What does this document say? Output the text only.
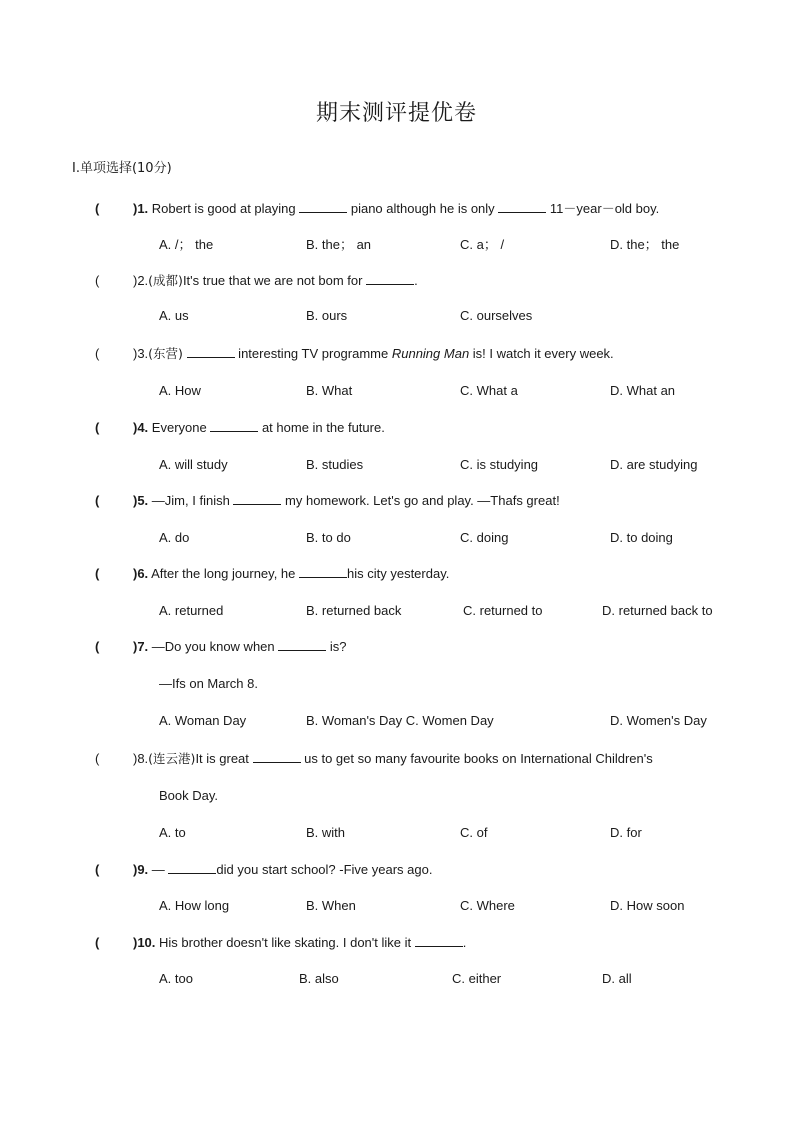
期末测评提优卷
Ⅰ.单项选择(10分)
(	)1. Robert is good at playing	piano although he is only	11－year－old boy.
A. /； the	B. the； an	C. a； /	D. the； the
(	)2.(成都)It's true that we are not bom for	.
A. us	B. ours	C. ourselves
(	)3.(东营)	interesting TV programme Running Man is! I watch it every week.
A. How	B. What	C. What a	D. What an
(	)4. Everyone	at home in the future.
A. will study	B. studies	C. is studying	D. are studying
(	)5. —Jim, I finish	my homework. Let's go and play. —Thafs great!
A. do	B. to do	C. doing	D. to doing
(	)6. After the long journey, he	his city yesterday.
A. returned	B. returned back	C. returned to	D. returned back to
(	)7. —Do you know when	is?
—Ifs on March 8.
A. Woman Day	B. Woman's Day C. Women Day	D. Women's Day
(	)8.(连云港)It is great	us to get so many favourite books on International Children's
Book Day.
A. to	B. with	C. of	D. for
(	)9. —	did you start school? -Five years ago.
A. How long	B. When	C. Where	D. How soon
(	)10. His brother doesn't like skating. I don't like it	.
A. too	B. also	C. either	D. all
